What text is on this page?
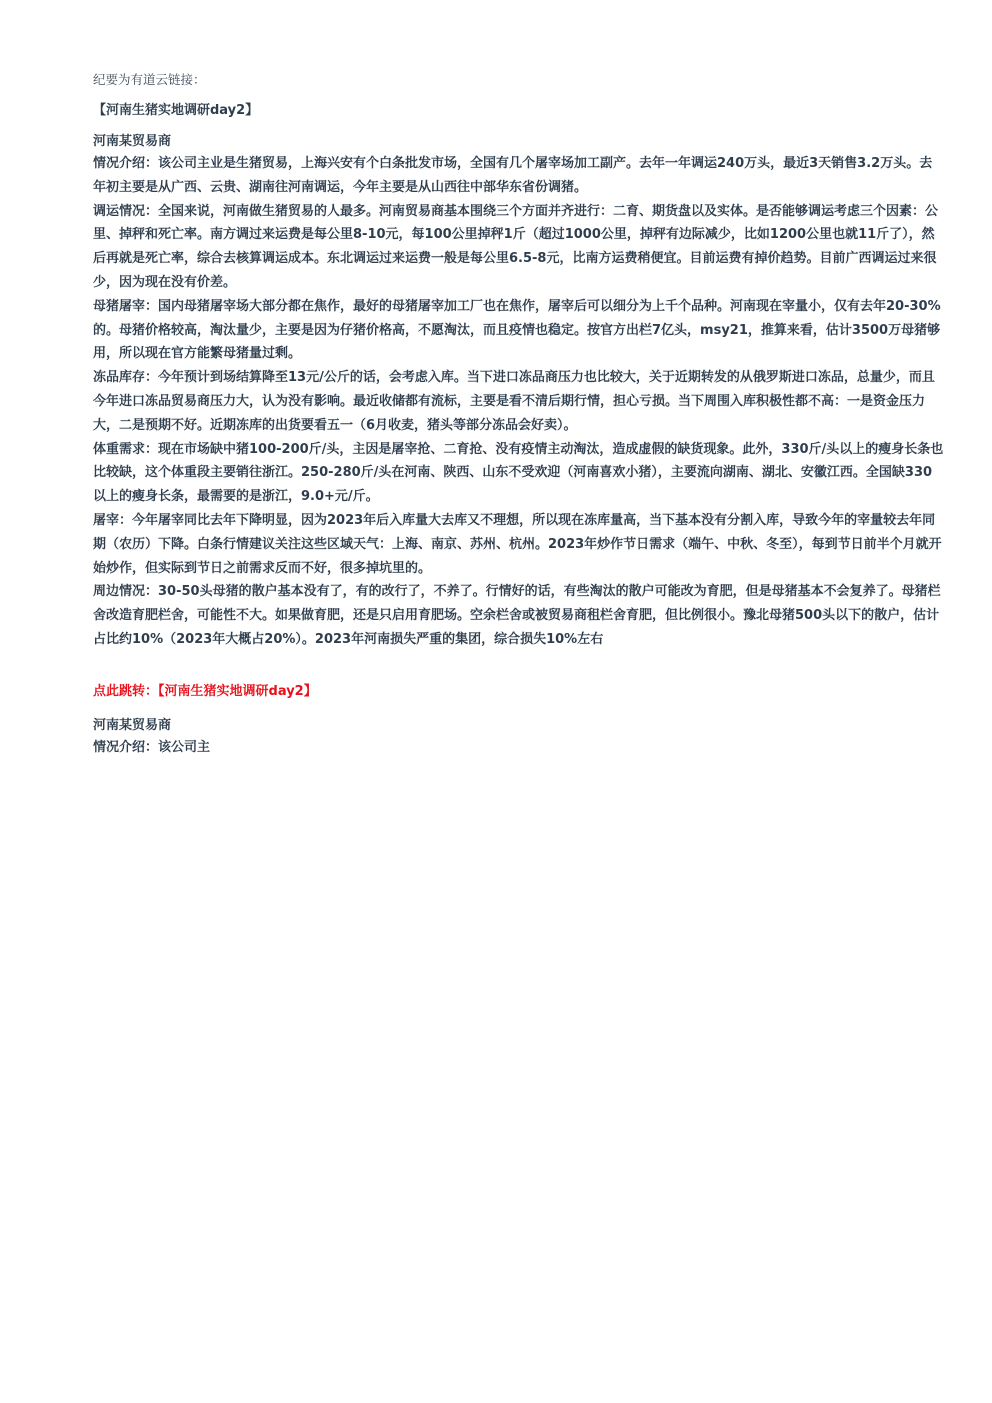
纪要为有道云链接：

【河南生猪实地调研day2】

河南某贸易商

情况介绍：该公司主业是生猪贸易，上海兴安有个白条批发市场，全国有几个屠宰场加工副产。去年一年调运240万头，最近3天销售3.2万头。去年初主要是从广西、云贵、湖南往河南调运，今年主要是从山西往中部华东省份调猪。

调运情况：全国来说，河南做生猪贸易的人最多。河南贸易商基本围绕三个方面并齐进行：二育、期货盘以及实体。是否能够调运考虑三个因素：公里、掉秤和死亡率。南方调过来运费是每公里8-10元，每100公里掉秤1斤（超过1000公里，掉秤有边际减少，比如1200公里也就11斤了），然后再就是死亡率，综合去核算调运成本。东北调运过来运费一般是每公里6.5-8元，比南方运费稍便宜。目前运费有掉价趋势。目前广西调运过来很少，因为现在没有价差。

母猪屠宰：国内母猪屠宰场大部分都在焦作，最好的母猪屠宰加工厂也在焦作，屠宰后可以细分为上千个品种。河南现在宰量小，仅有去年20-30%的。母猪价格较高，淘汰量少，主要是因为仔猪价格高，不愿淘汰，而且疫情也稳定。按官方出栏7亿头，msy21，推算来看，估计3500万母猪够用，所以现在官方能繁母猪量过剩。

冻品库存：今年预计到场结算降至13元/公斤的话，会考虑入库。当下进口冻品商压力也比较大，关于近期转发的从俄罗斯进口冻品，总量少，而且今年进口冻品贸易商压力大，认为没有影响。最近收储都有流标，主要是看不清后期行情，担心亏损。当下周围入库积极性都不高：一是资金压力大，二是预期不好。近期冻库的出货要看五一（6月收麦，猪头等部分冻品会好卖）。

体重需求：现在市场缺中猪100-200斤/头，主因是屠宰抢、二育抢、没有疫情主动淘汰，造成虚假的缺货现象。此外，330斤/头以上的瘦身长条也比较缺，这个体重段主要销往浙江。250-280斤/头在河南、陕西、山东不受欢迎（河南喜欢小猪），主要流向湖南、湖北、安徽江西。全国缺330以上的瘦身长条，最需要的是浙江，9.0+元/斤。

屠宰：今年屠宰同比去年下降明显，因为2023年后入库量大去库又不理想，所以现在冻库量高，当下基本没有分割入库，导致今年的宰量较去年同期（农历）下降。白条行情建议关注这些区域天气：上海、南京、苏州、杭州。2023年炒作节日需求（端午、中秋、冬至），每到节日前半个月就开始炒作，但实际到节日之前需求反而不好，很多掉坑里的。

周边情况：30-50头母猪的散户基本没有了，有的改行了，不养了。行情好的话，有些淘汰的散户可能改为育肥，但是母猪基本不会复养了。母猪栏舍改造育肥栏舍，可能性不大。如果做育肥，还是只启用育肥场。空余栏舍或被贸易商租栏舍育肥，但比例很小。豫北母猪500头以下的散户，估计占比约10%（2023年大概占20%）。2023年河南损失严重的集团，综合损失10%左右

点此跳转：【河南生猪实地调研day2】

河南某贸易商

情况介绍：该公司主
